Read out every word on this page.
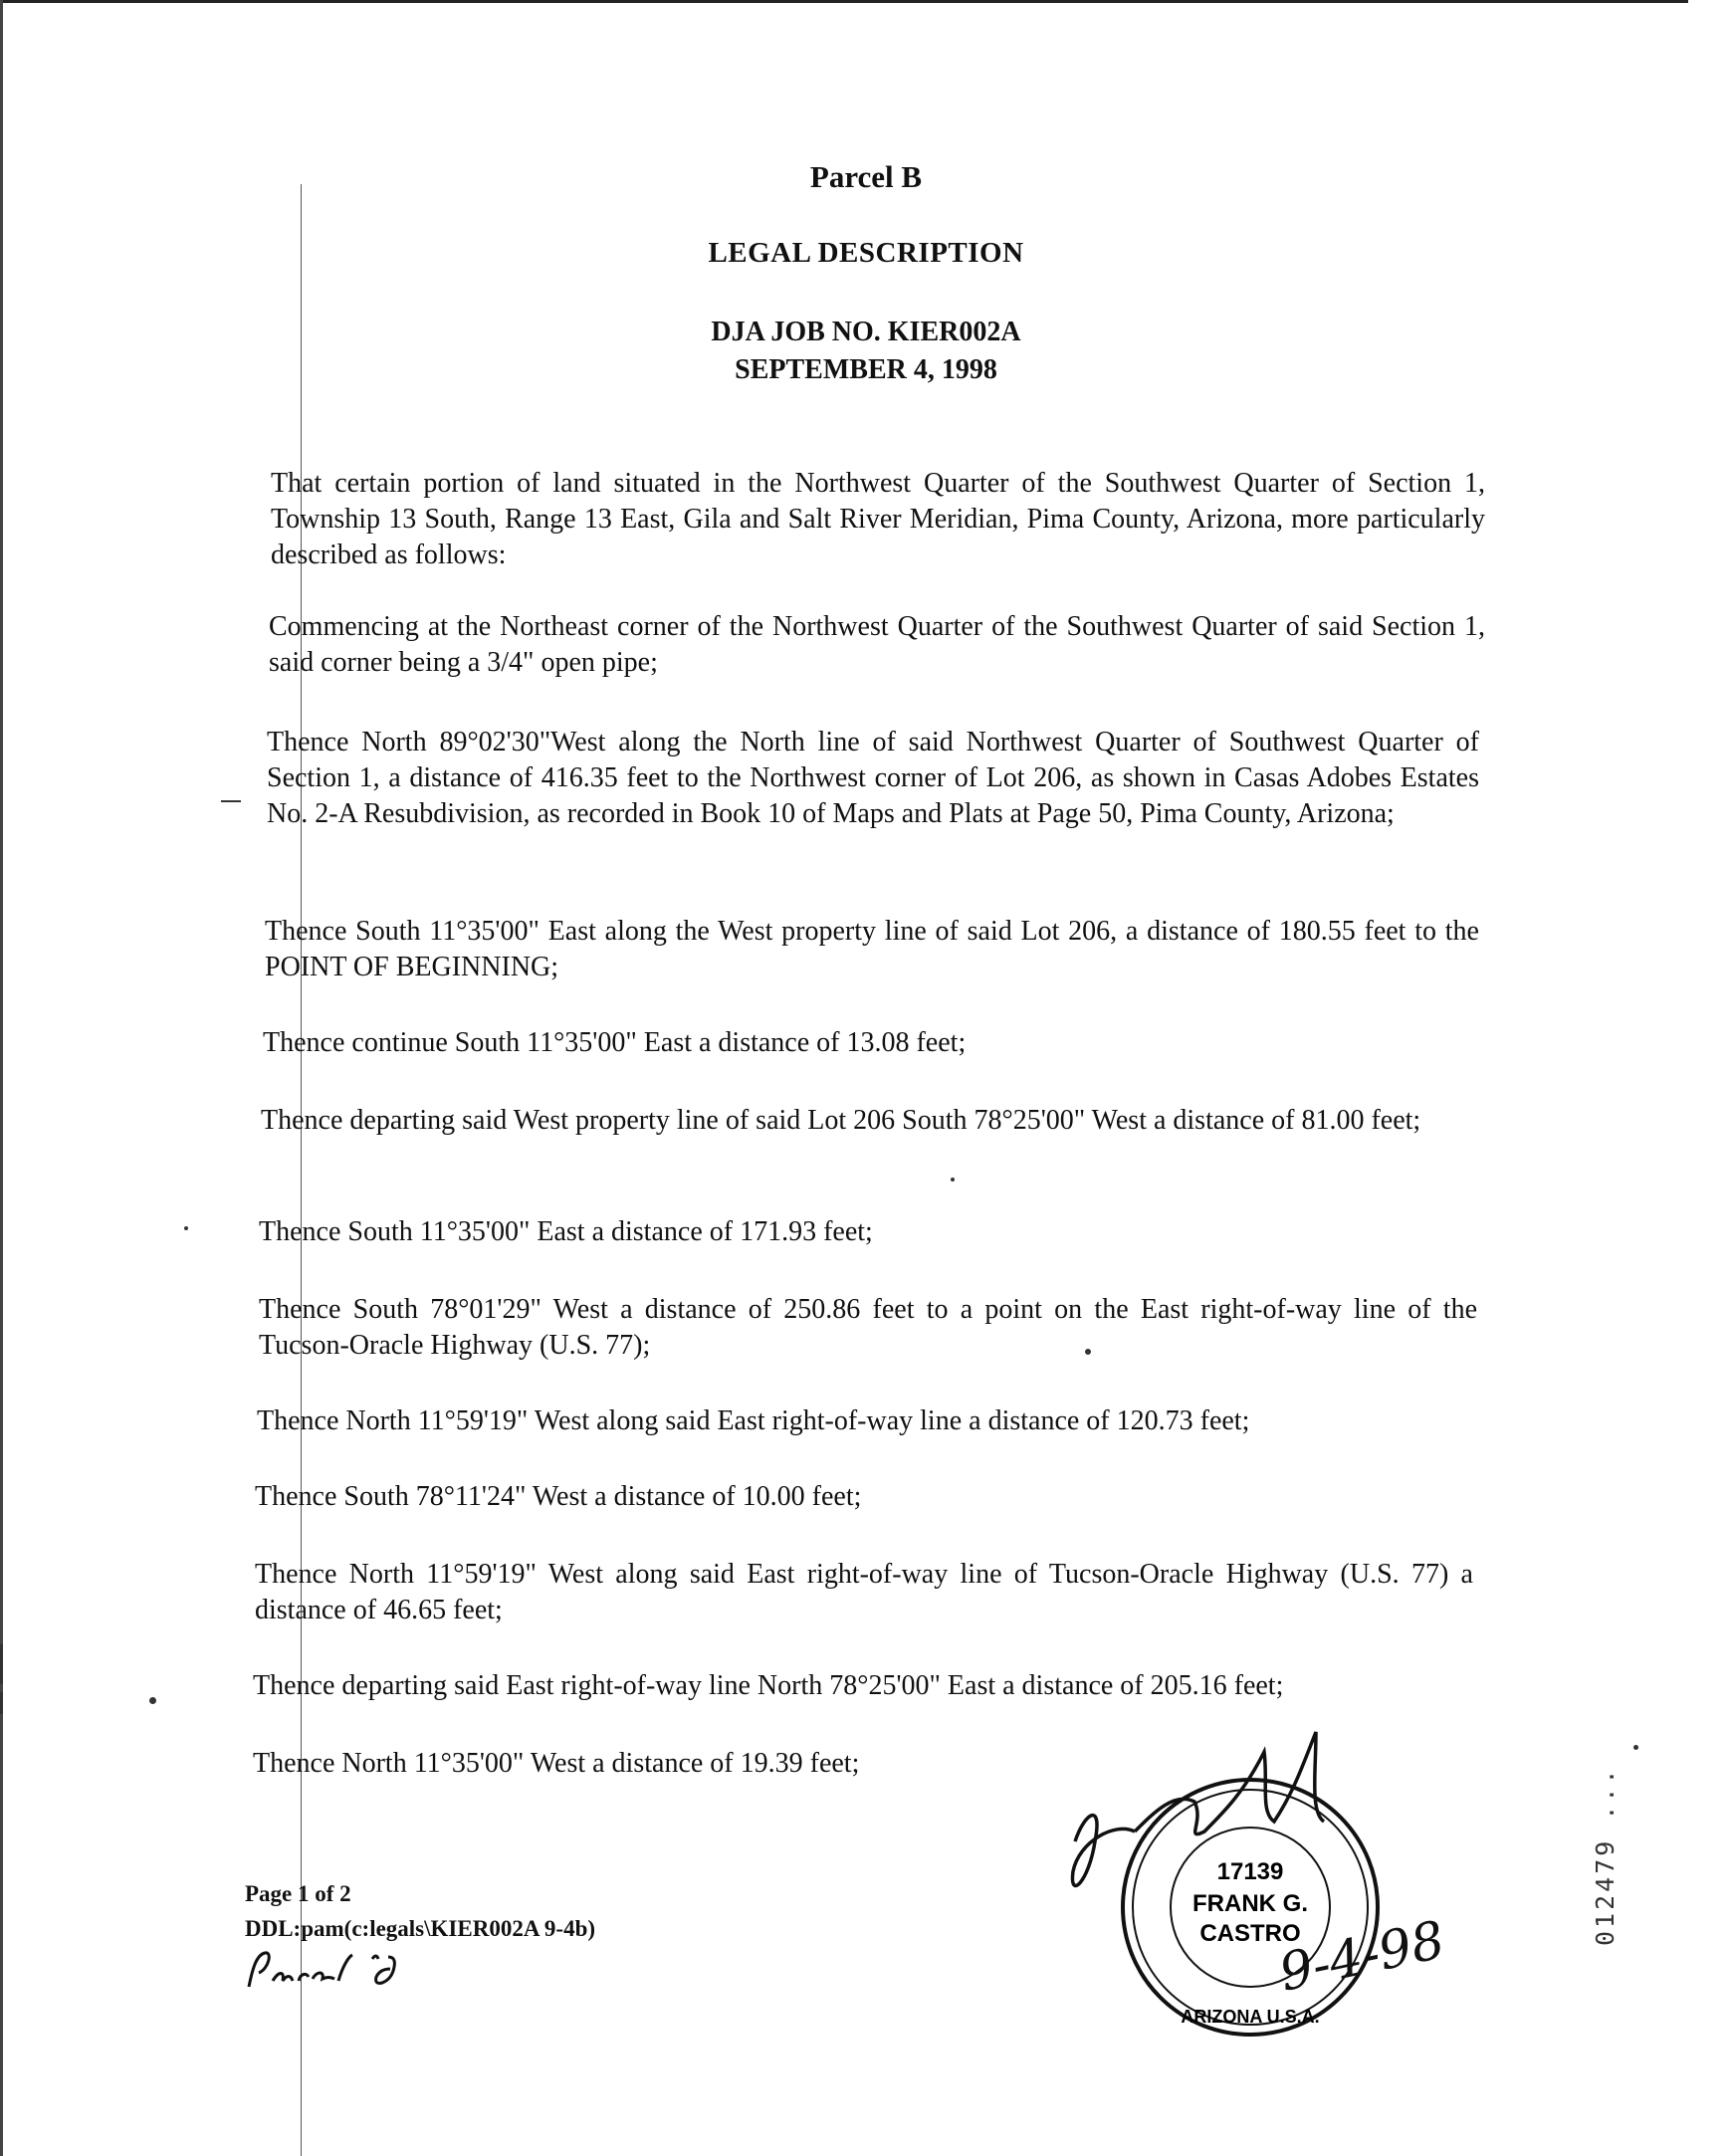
Parcel B
LEGAL DESCRIPTION
DJA JOB NO. KIER002A
SEPTEMBER 4, 1998

That certain portion of land situated in the Northwest Quarter of the Southwest Quarter of Section 1, Township 13 South, Range 13 East, Gila and Salt River Meridian, Pima County, Arizona, more particularly described as follows:

Commencing at the Northeast corner of the Northwest Quarter of the Southwest Quarter of said Section 1, said corner being a 3/4" open pipe;

Thence North 89°02'30"West along the North line of said Northwest Quarter of Southwest Quarter of Section 1, a distance of 416.35 feet to the Northwest corner of Lot 206, as shown in Casas Adobes Estates No. 2-A Resubdivision, as recorded in Book 10 of Maps and Plats at Page 50, Pima County, Arizona;

Thence South 11°35'00" East along the West property line of said Lot 206, a distance of 180.55 feet to the POINT OF BEGINNING;

Thence continue South 11°35'00" East a distance of 13.08 feet;

Thence departing said West property line of said Lot 206 South 78°25'00" West a distance of 81.00 feet;

Thence South 11°35'00" East a distance of 171.93 feet;

Thence South 78°01'29" West a distance of 250.86 feet to a point on the East right-of-way line of the Tucson-Oracle Highway (U.S. 77);

Thence North 11°59'19" West along said East right-of-way line a distance of 120.73 feet;

Thence South 78°11'24" West a distance of 10.00 feet;

Thence North 11°59'19" West along said East right-of-way line of Tucson-Oracle Highway (U.S. 77) a distance of 46.65 feet;

Thence departing said East right-of-way line North 78°25'00" East a distance of 205.16 feet;

Thence North 11°35'00" West a distance of 19.39 feet;

Page 1 of 2
DDL:pam(c:legals\KIER002A 9-4b)
17139
FRANK G.
CASTRO
ARIZONA U.S.A.
9-4-98
012479 ...
